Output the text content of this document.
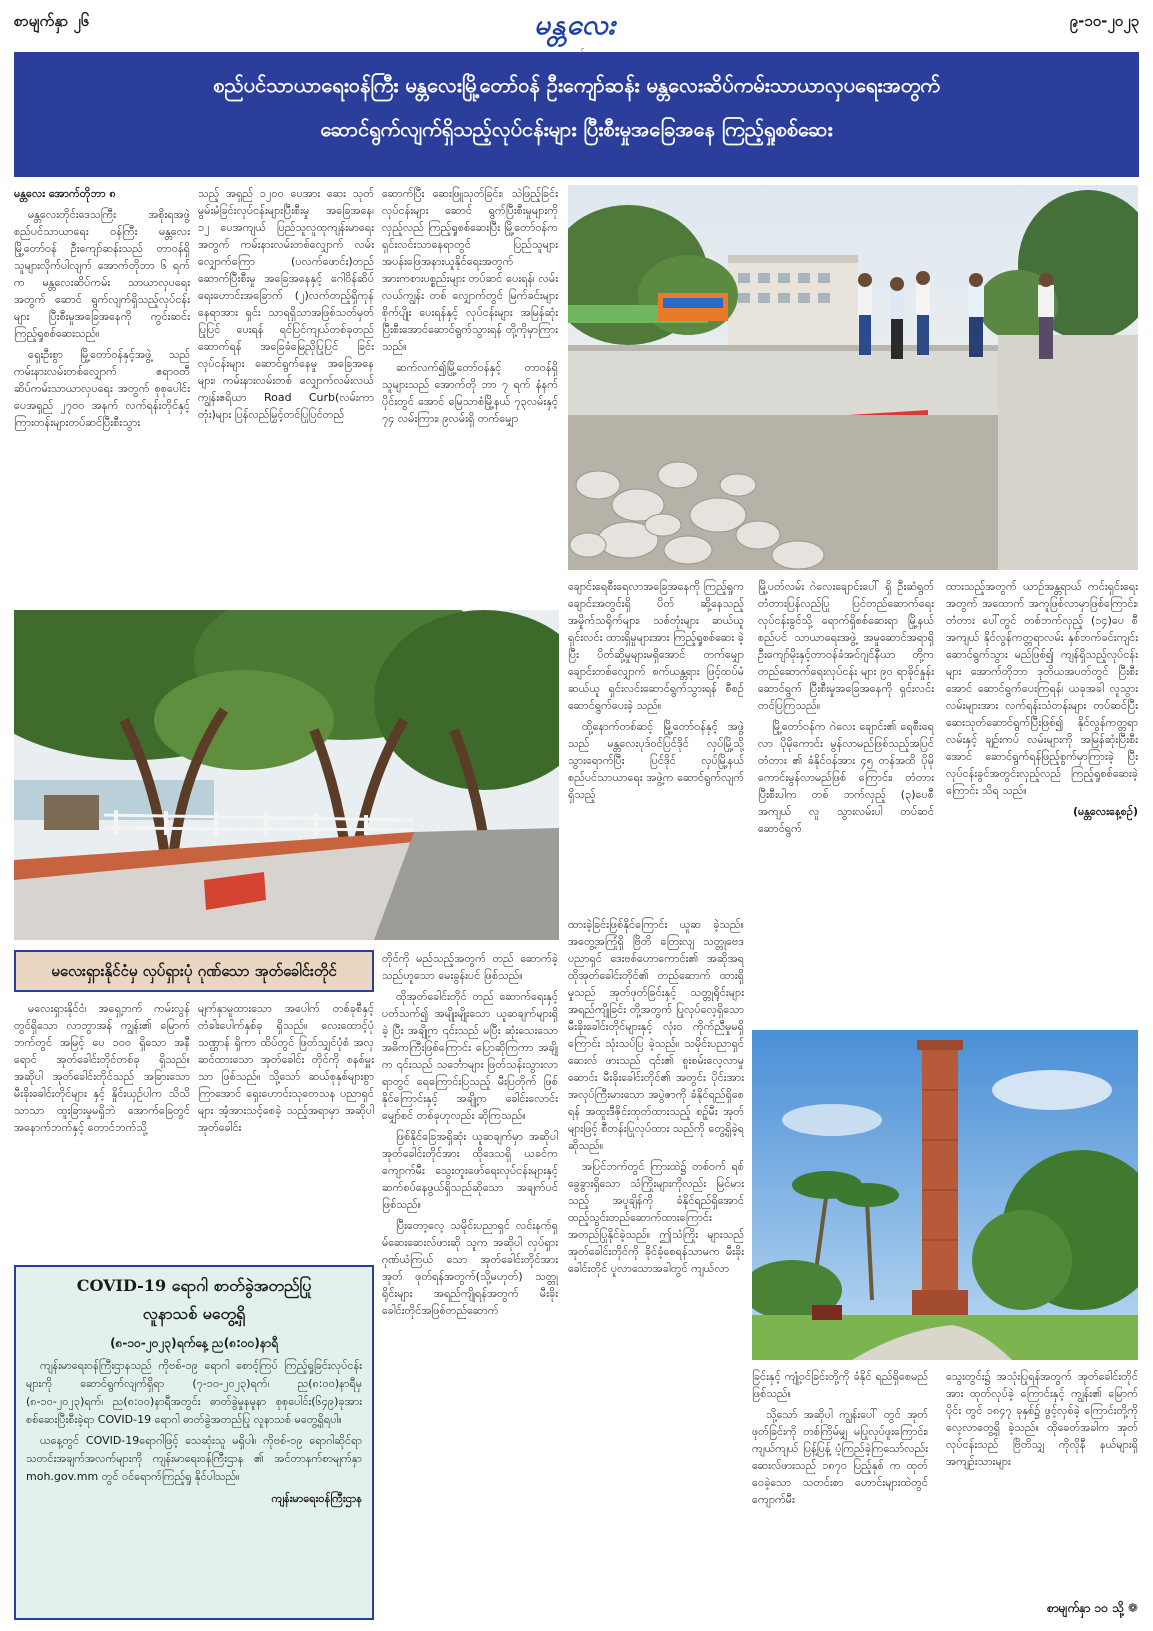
စာမျက်နှာ ၂၆	မန္တလေး	၉-၁၀-၂၀၂၃
စည်ပင်သာယာရေးဝန်ကြီး မန္တလေးမြို့တော်ဝန် ဦးကျော်ဆန်း မန္တလေးဆိပ်ကမ်းသာယာလှပရေးအတွက်
ဆောင်ရွက်လျက်ရှိသည့်လုပ်ငန်းများ ပြီးစီးမှုအခြေအနေ ကြည့်ရှုစစ်ဆေး

မန္တလေး အောက်တိုဘာ ၈

မန္တလေးတိုင်းဒေသကြီး အစိုးရအဖွဲ့ စည်ပင်သာယာရေး ဝန်ကြီး မန္တလေးမြို့တော်ဝန် ဦးကျော်ဆန်းသည် တာဝန်ရှိ သူများလိုက်ပါလျက် အောက်တိုဘာ ၆ ရက်က မန္တလေးဆိပ်ကမ်း သာယာလှပရေးအတွက် ဆောင် ရွက်လျက်ရှိသည့်လုပ်ငန်းများ ပြီးစီးမှုအခြေအနေကို ကွင်းဆင်း ကြည့်ရှုစစ်ဆေးသည်။

ရှေးဦးစွာ မြို့တော်ဝန်နှင့်အဖွဲ့ သည် ကမ်းနားလမ်းတစ်လျှောက် ဧရာဝတီဆိပ်ကမ်းသာယာလှပရေး အတွက် စုစုပေါင်း ပေအရှည် ၂၇၀၀ အနက် လက်ရန်းတိုင်နှင့် ကြားတန်းများတပ်ဆင်ပြီးစီးသွား

သည့် အရှည် ၁၂၀၀ ပေအား ဆေး သုတ်မွမ်းမံခြင်းလုပ်ငန်းများပြီးစီးမှု အခြေအနေ၊ ၁၂ ပေအကျယ် ပြည်သူလူထုကျန်းမာရေးအတွက် ကမ်းနားလမ်းတစ်လျှောက် လမ်း လျှောက်ကြော (ပလက်ဖောင်း)တည် ဆောက်ပြီးစီးမှု အခြေအနေနှင့် ဂေါဝိန်ဆိပ် ရေးဟောင်းအခြောက် (၂)လက်တည့်ရှိကုန်နေရာအား ရှင်း သာရရှိသာအဖြစ်သတ်မှတ်ပြုပြင် ပေးရန် ရင်ပြင်ကျယ်တစ်ခုတည် ဆောက်ရန် အခြေခံမြေညှိပြုပြင် ခြင်းလုပ်ငန်းများ ဆောင်ရွက်နေမှု အခြေအနေများ၊ ကမ်းနားလမ်းတစ် လျှောက်လမ်းလယ်ကျွန်းဧရိယာ Road Curb(လမ်းကာတုံး)များ ပြန်လည်မြှင့်တင်ပြုပြင်တည်

ဆောက်ပြီး ဆေးဖြူသုတ်ခြင်း၊ သဲဖြည့်ခြင်းလုပ်ငန်းများ ဆောင် ရွက်ပြီးစီးမှုများကို လှည့်လည် ကြည့်ရှုစစ်ဆေးပြီး မြို့တော်ဝန်က ရှင်းလင်းသာနေရာတွင် ပြည်သူများ အပန်းဖြေအနားယူနိုင်ရေးအတွက် အားကစားပစ္စည်းများ တပ်ဆင် ပေးရန်၊ လမ်းလယ်ကျွန်း တစ် လျှောက်တွင် မြက်ခင်းများ စိုက်ပျိုး ပေးရန်နှင့် လုပ်ငန်းများ အမြန်ဆုံး ပြီးစီးအောင်ဆောင်ရွက်သွားရန် တို့ကိုမှာကြားသည်။

ဆက်လက်၍မြို့တော်ဝန်နှင့် တာဝန်ရှိသူများသည် အောက်တို ဘာ ၇ ရက် နံနက်ပိုင်းတွင် အောင် မြေသာစံမြို့နယ် ၇၃လမ်းနှင့် ၇၄ လမ်းကြား၊ ၉လမ်းရှိ တက်မျှော

ချောင်းရေစီးရေလာအခြေအနေကို ကြည့်ရှုက ချောင်းအတွင်းရှိ ပိတ် ဆို့နေသည့် အမှိုက်သရိုက်များ၊ သစ်တုံးများ ဆယ်ယူရှင်းလင်း ထားရှိမှုများအား ကြည့်ရှုစစ်ဆေး ခဲ့ပြီး ပိတ်ဆို့မှုများမရှိအောင် တက်မျှော ချောင်းတစ်လျှောက် စက်ယန္တရား ဖြင့်ထပ်မံဆယ်ယူ ရှင်းလင်းဆောင်ရွက်သွားရန် စီစဉ် ဆောင်ရွက်ပေးခဲ့ သည်။

ထို့နောက်တစ်ဆင့် မြို့တော်ဝန်နှင့် အဖွဲ့သည် မန္တလေးပုဒ်ဝင်ပြင်ဒိုင် လှပ်မြို့သို့ သွားရောက်ပြီး ပြင်ဒိုင် လှပ်မြို့နယ် စည်ပင်သာယာရေး အဖွဲ့က ဆောင်ရွက်လျက်ရှိသည့်

မြို့ပတ်လမ်း ဂဲလေးချောင်းပေါ် ရှိ ဦးဆံရွတ်တံတားပြန်လည်ပြု ပြင်တည်ဆောက်ရေးလုပ်ငန်းခွင်သို့ ရောက်ရှိစစ်ဆေးရာ မြို့နယ်စည်ပင် သာယာရေးအဖွဲ့ အမှုဆောင်အရာရှိ ဦးကျော်မိုးနှင့်တာဝန်ခံအင်ဂျင်နီယာ တို့က တည်ဆောက်ရေးလုပ်ငန်း များ ၉၀ ရာခိုင်နှုန်းဆောင်ရွက် ပြီးစီးမှုအခြေအနေကို ရှင်းလင်း တင်ပြကြသည်။

မြို့တော်ဝန်က ဂဲလေး ချောင်း၏ ရေစီးရေလာ ပိုမိုကောင်း မွန်လာမည်ဖြစ်သည့်အပြင် တံတား ၏ ခံနိုင်ဝန်အား ၄၅ တန်အထိ ပိုမိုကောင်းမွန်လာမည်ဖြစ် ကြောင်း၊ တံတားပြီးစီးပါက တစ် ဘက်လှည့် (၃)ပေစီ အကျယ် လူ သွားလမ်းပါ တပ်ဆင်ဆောင်ရွက်

ထားသည့်အတွက် ယာဉ်အန္တရာယ် ကင်းရှင်းရေးအတွက် အထောက် အကူဖြစ်လာမှာဖြစ်ကြောင်း၊ တံတား ပေါ်တွင် တစ်ဘက်လှည့် (၁၄)ပေ စီ အကျယ် နိုင်လွန်ကတ္တရာလမ်း နှစ်ဘက်ခင်းကျင်းဆောင်ရွက်သွား မည်ဖြစ်၍ ကျန်ရှိသည့်လုပ်ငန်းများ အောက်တိုဘာ ဒုတိယအပတ်တွင် ပြီးစီးအောင် ဆောင်ရွက်ပေးကြရန်၊ ယခုအခါ လူသွားလမ်းများအား လက်ရန်းသံတန်းများ တပ်ဆင်ပြီး ဆေးသုတ်ဆောင်ရွက်ပြီးဖြစ်၍ နိုင်လွန်ကတ္တရာလမ်းနှင့် ချဉ်းကပ် လမ်းများကို အမြန်ဆုံးပြီးစီးအောင် ဆောင်ရွက်ရန်ဖြည့်စွက်မှာကြားခဲ့ ပြီး လုပ်ငန်းခွင်အတွင်းလှည့်လည် ကြည့်ရှုစစ်ဆေးခဲ့ကြောင်း သိရ သည်။

(မန္တလေးနေ့စဉ်)

မလေးရှားနိုင်ငံမှ လှပ်ရှားပုံ ဂုဏ်သော အုတ်ခေါင်းတိုင်

မလေးရှားနိုင်ငံ၊ အရှေ့ဘက် ကမ်းလွန်တွင်ရှိသော လာဘွာအန် ကျွန်း၏ မြောက်ဘက်တွင် အမြင့် ပေ ၁၀၀ ရှိသော အနီရောင် အုတ်ခေါင်းတိုင်တစ်ခု ရှိသည်။ အဆိုပါ အုတ်ခေါင်းတိုင်သည် အခြားသော မီးခိုးခေါင်းတိုင်များ နှင့် နှိုင်းယှဉ်ပါက သိသိသာသာ ထူးခြားမှုမရှိဘဲ အောက်ခြေတွင် အနောက်ဘက်နှင့် တောင်ဘက်သို့

မျက်နှာမူထားသော အပေါက် တစ်ခုစီနှင့် တံခါးပေါက်နှစ်ခု ရှိသည်။ လေးထောင့်ပုံသဏ္ဌာန် ရှိကာ ထိပ်တွင် ဖြတ်သျှင်ပုံစံ အလှဆင်ထားသော အုတ်ခေါင်း တိုင်ကို စနစ်မှူးသာ ဖြစ်သည်။ သို့သော် ဆယ်စုနှစ်များစွာ ကြာအောင် ရှေးဟောင်းသုတေသန ပညာရှင်များ အံ့အားသင့်စေခဲ့ သည့်အရာမှာ အဆိုပါ အုတ်ခေါင်း

တိုင်ကို မည်သည့်အတွက် တည် ဆောက်ခဲ့သည်ဟူသော မေးခွန်းပင် ဖြစ်သည်။

ထိုအုတ်ခေါင်းတိုင် တည် ဆောက်ရေးနှင့် ပတ်သက်၍ အမျိုးမျိုးသော ယူဆချက်များရှိခဲ့ ပြီး အချို့က ၎င်းသည် မပြီး ဆုံးသေးသော အဓိကကြီးဖြစ်ကြောင်း ပြောဆိုကြကာ အချို့က ၎င်းသည် သင်္ဘောများ ဖြတ်သန်းသွားလာ ရာတွင် ရေကြောင်းပြသည့် မီးပြတိုက် ဖြစ်နိုင်ကြောင်းနှင့် အချို့က ခေါင်းလောင်းမျှော်စင် တစ်ခုဟုလည်း ဆိုကြသည်။

ဖြစ်နိုင်ခြေအရှိဆုံး ယူဆချက်မှာ အဆိုပါ အုတ်ခေါင်းတိုင်အား ထိုဒေသရှိ ယခင်က ကျောက်မီး သွေးတူးဖော်ရေးလုပ်ငန်းများနှင့် ဆက်စပ်နေဖွယ်ရှိသည်ဆိုသော အချက်ပင် ဖြစ်သည်။

ပြီးတော့လေ့ သမိုင်းပညာရှင် လင်းနက်ရှမ်ဆေးဆေးလ်ဖားဆို သူက အဆိုပါ လှပ်ရှားဂုဏ်ယံကြယ် သော အုတ်ခေါင်းတိုင်အား အုတ် ဖုတ်ရန်အတွက်(သို့မဟုတ်) သတ္တု ရိုင်းများ အရည်ကျိုရန်အတွက် မီးခိုးခေါင်းတိုင်အဖြစ်တည်ဆောက်

ထားခဲ့ခြင်းဖြစ်နိုင်ကြောင်း ယူဆ ခဲ့သည်။ အတွေ့အကြုံရှိ ဗြိတိ တြေးလျ သတ္တုဗေဒပညာရှင် ဒေးဗစ်ဟောကောင်း၏ အဆိုအရ ထိုအုတ်ခေါင်းတိုင်၏ တည်ဆောက် ထားရှိမှုသည် အုတ်ဖုတ်ခြင်းနှင့် သတ္တုရိုင်းများ အရည်ကျိုခြင်း တို့အတွက် ပြုလုပ်လေ့ရှိသော မီးခိုးခေါင်းတိုင်များနှင့် လုံးဝ ကိုက်ညီမှုမရှိကြောင်း သုံးသပ်ပြ ခဲ့သည်။ သမိုင်းပညာရှင် ဆေးလ် ဖားသည် ၎င်း၏ စူးစမ်းလေ့လာမှု ဆောင်း မီးခိုးခေါင်းတိုင်၏ အတွင်း ပိုင်းအား အလုပ်ကြီးမားသော အပွဲဇာကို ခံနိုင်ရည်ရှိစေရန် အထူးဒီဇိုင်းထုတ်ထားသည့် စဥ့်မီး အုတ်များဖြင့် စီတန်းပြုလုပ်ထား သည်ကို တွေ့ရှိခဲ့ရ ဆိုသည်။

အပြင်ဘက်တွင် ကြားထဲ၌ တစ်ဝက် ရစ်ခွေခွားရှိသော သံကြိုးများကိုလည်း မြင်မားသည့် အပူချိန်ကို ခံနိုင်ရည်ရှိအောင် ထည့်သွင်းတည်ဆောက်ထားကြောင်း အတည်ပြုနိုင်ခဲ့သည်။ ဤသံကြိုး များသည် အုတ်ခေါင်းတိုင်ကို ခိုင်ခံ့စေရန်သာမက မီးခိုးခေါင်းတိုင် ပူလာသောအခါတွင် ကျယ်လာ

ခြင်းနှင့် ကျုံ့ဝင်ခြင်းတို့ကို ခံနိုင် ရည်ရှိစေမည် ဖြစ်သည်။

သို့သော် အဆိုပါ ကျွန်းပေါ် တွင် အုတ်ဖုတ်ခြင်းကို တစ်ကြိမ်မျှ မပြုလုပ်ဖူးကြောင်း၊ ကျယ်ကျယ် ပြန့်ပြန့် ပံ့ကြည်ခဲ့ကြသော်လည်း ဆေးလ်ဖားသည် ၁၈၇၀ ပြည့်နှစ် က ထုတ်ဝေခဲ့သော သတင်းစာ ဟောင်းများထဲတွင် ကျောက်မီး

သွေးတွင်း၌ အသုံးပြုရန်အတွက် အုတ်ခေါင်းတိုင်အား ထုတ်လုပ်ခဲ့ ကြောင်းနှင့် ကျွန်း၏ မြောက်ပိုင်း တွင် ၁၈၄၇ ခုနှစ်၌ ဖွင့်လှစ်ခဲ့ ကြောင်းတို့ကို လေ့လာတွေ့ရှိ ခဲ့သည်။ ထိုခေတ်အခါက အုတ် လုပ်ငန်းသည် ဗြိတိသျှ ကိုလိုနီ နယ်များရှိ အကျဉ်းသားများ

စာမျက်နှာ ၁၀ သို့ ❁
COVID-19 ရောဂါ စာတ်ခွဲအတည်ပြု
လူနာသစ် မတွေ့ရှိ
(၈-၁၀-၂၀၂၃)ရက်နေ့ ည(၈:၀၀)နာရီ

ကျန်းမာရေးဝန်ကြီးဌာနသည် ကိုဗစ်-၁၉ ရောဂါ စောင့်ကြပ် ကြည့်ရှုခြင်းလုပ်ငန်းများကို ဆောင်ရွက်လျက်ရှိရာ (၇-၁၀-၂၀၂၃)ရက်၊ ည(၈:၀၀)နာရီမှ (၈-၁၀-၂၀၂၃)ရက်၊ ည(၈:၀၀)နာရီအတွင်း ဓာတ်ခွဲမှုနမူနာ စုစုပေါင်း(၆၄၉)ခုအား စစ်ဆေးပြီးစီးခဲ့ရာ COVID-19 ရောဂါ ဓာတ်ခွဲအတည်ပြု လူနာသစ် မတွေ့ရှိရပါ။

ယနေ့တွင် COVID-19ရောဂါဖြင့် သေဆုံးသူ မရှိပါ။ ကိုဗစ်-၁၉ ရောဂါဆိုင်ရာ သတင်းအချက်အလက်များကို ကျန်းမာရေးဝန်ကြီးဌာန ၏ အင်တာနက်စာမျက်နှာ moh.gov.mm တွင် ဝင်ရောက်ကြည့်ရှု နိုင်ပါသည်။

ကျန်းမာရေးဝန်ကြီးဌာန
